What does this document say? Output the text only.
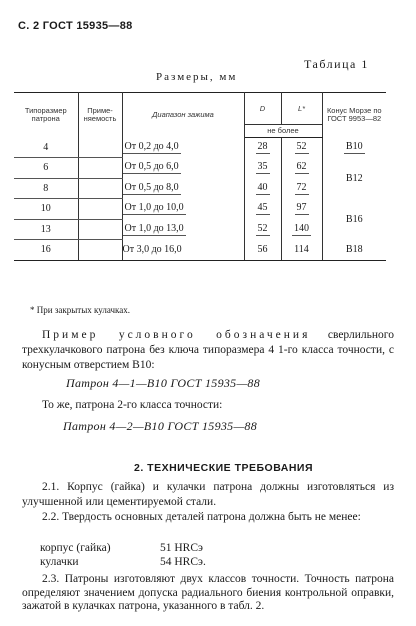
С. 2 ГОСТ 15935—88
Таблица 1
Размеры, мм
Типоразмер патрона	Приме-няемость	Диапазон зажима	D	L*	Конус Морзе по ГОСТ 9953—82
			не более		
4		От 0,2 до 4,0	28	52	B10
6		От 0,5 до 6,0	35	62	B12
8		От 0,5 до 8,0	40	72	
10		От 1,0 до 10,0	45	97	B16
13		От 1,0 до 13,0	52	140	
16		От 3,0 до 16,0	56	114	B18
* При закрытых кулачках.

Пример условного обозначения сверлильного трехкулачкового патрона без ключа типоразмера 4 1-го класса точности, с конусным отверстием B10:

Патрон 4—1—B10 ГОСТ 15935—88

То же, патрона 2-го класса точности:

Патрон 4—2—B10 ГОСТ 15935—88
2. ТЕХНИЧЕСКИЕ ТРЕБОВАНИЯ

2.1. Корпус (гайка) и кулачки патрона должны изготовляться из улучшенной или цементируемой стали.

2.2. Твердость основных деталей патрона должна быть не менее:

корпус (гайка)	51 HRCэ
кулачки	54 HRCэ.

2.3. Патроны изготовляют двух классов точности. Точность патрона определяют значением допуска радиального биения контрольной оправки, зажатой в кулачках патрона, указанного в табл. 2.
